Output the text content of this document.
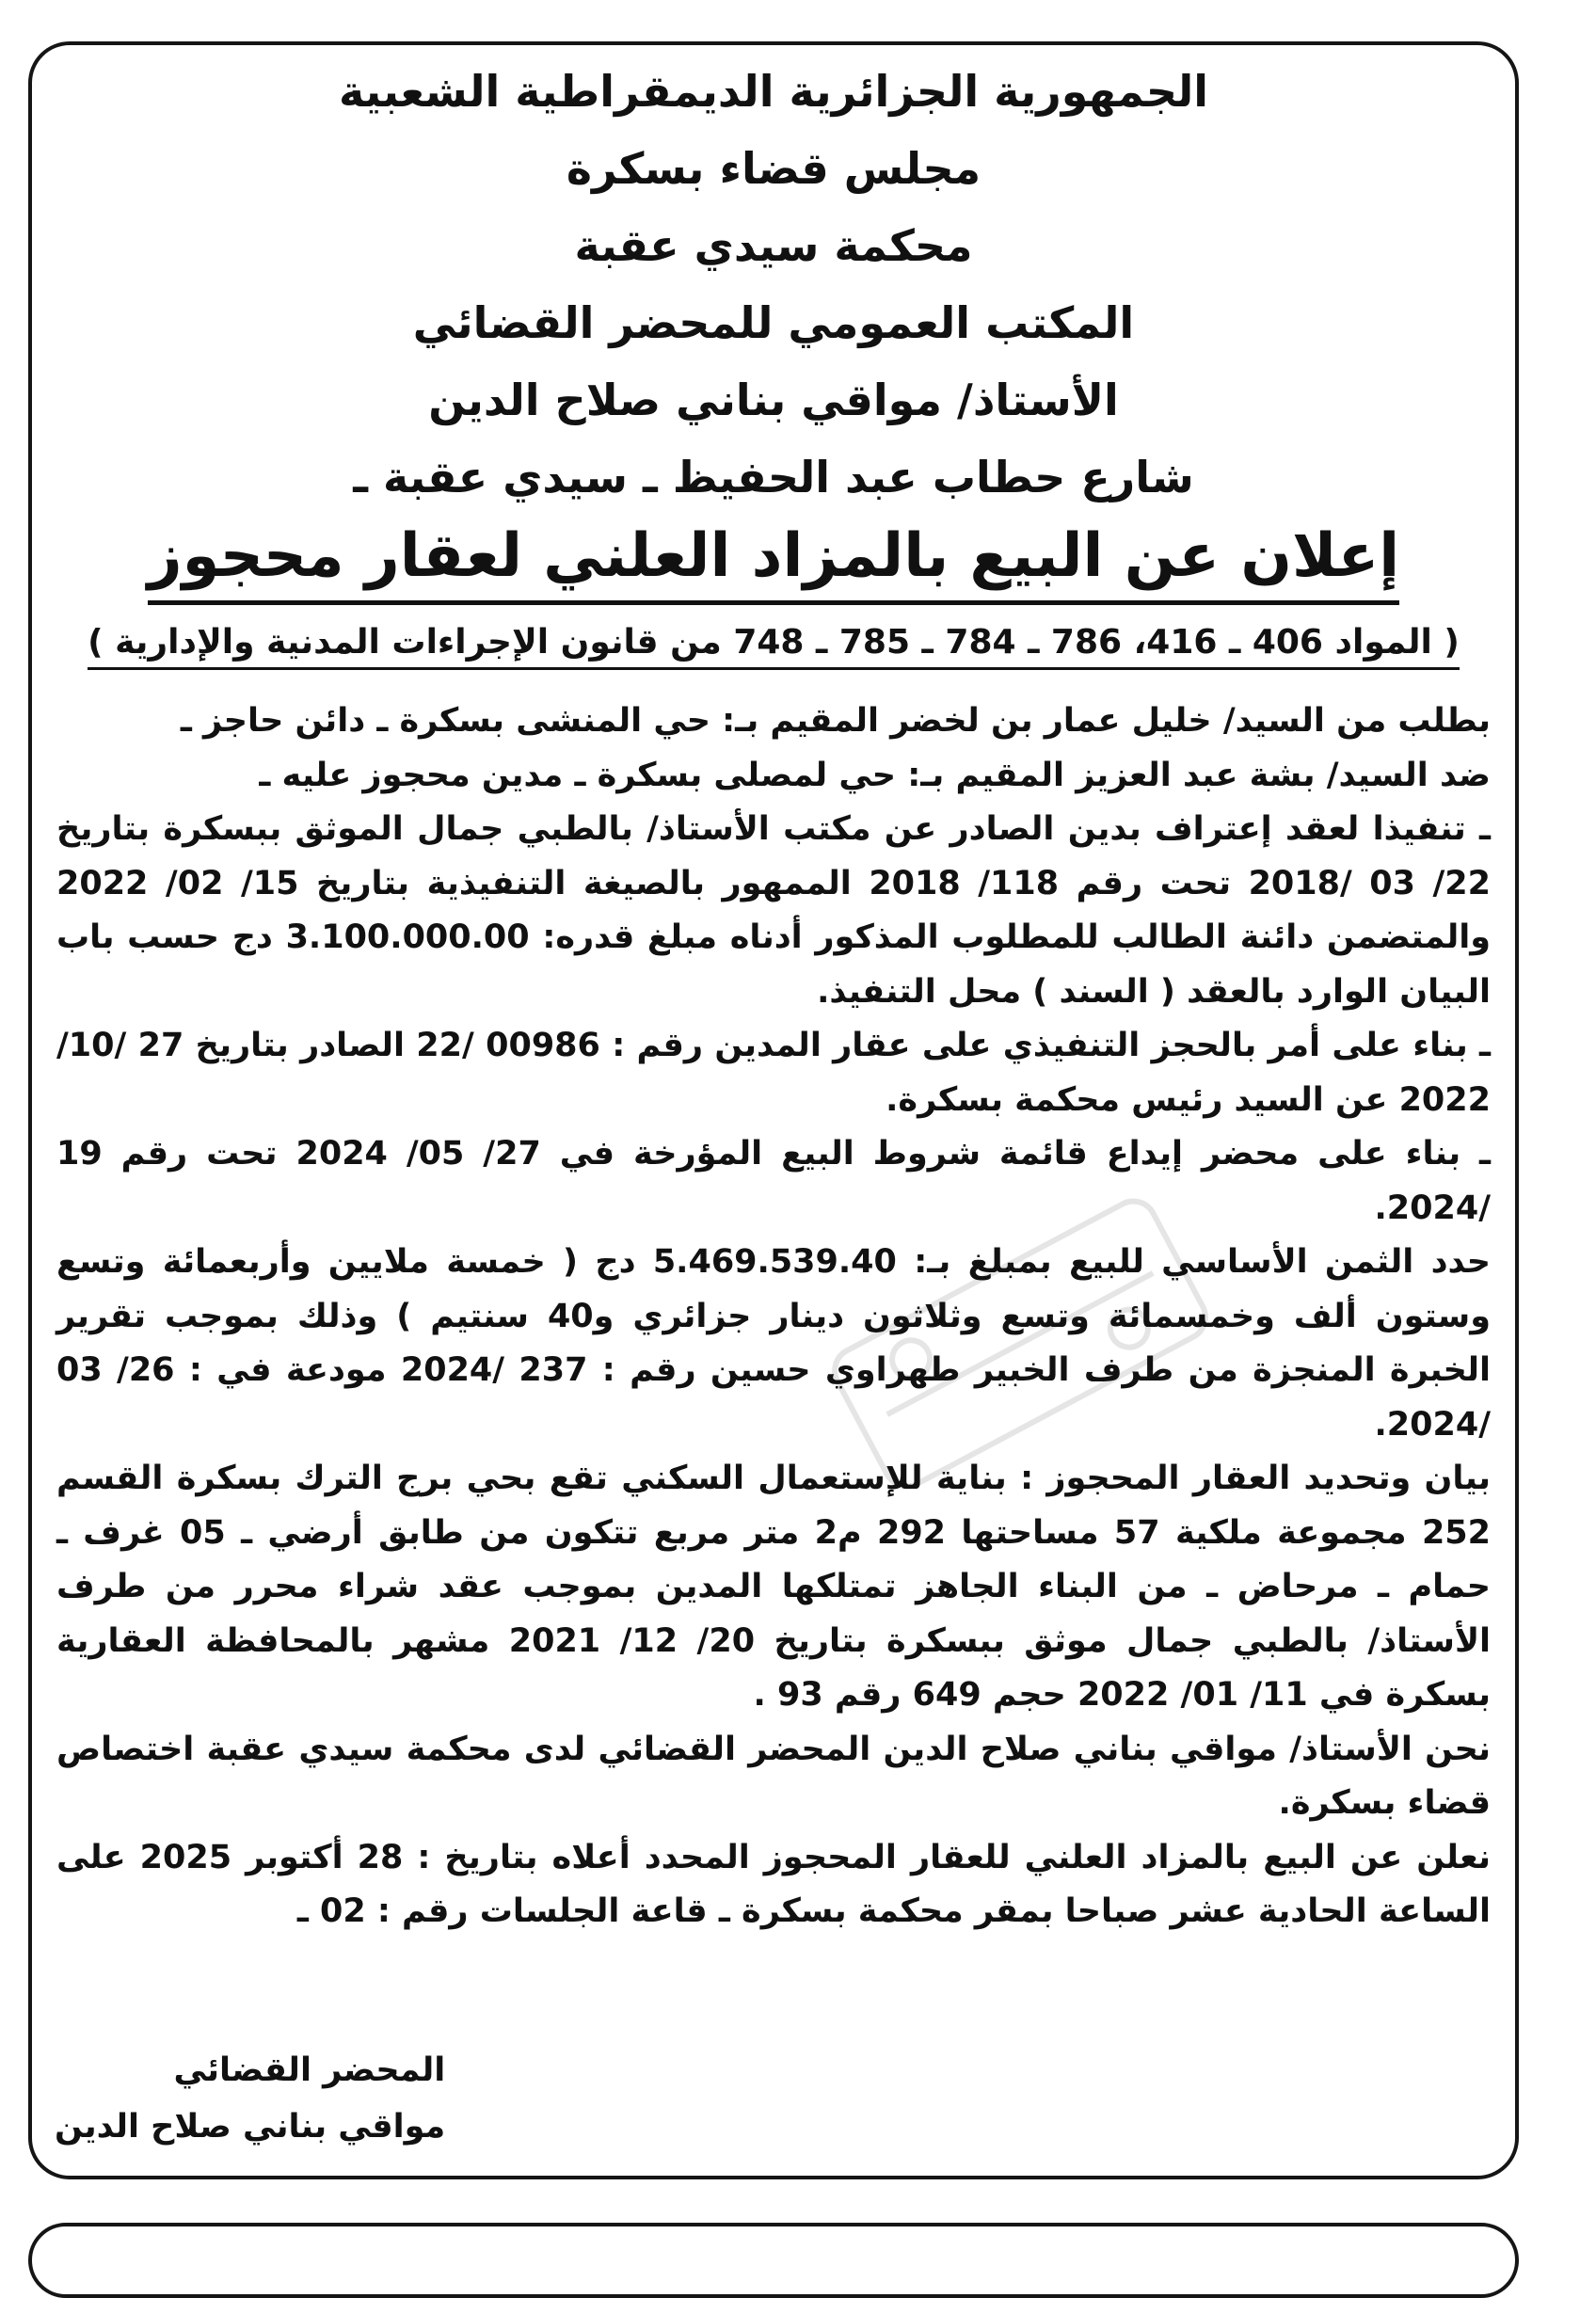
الجمهورية الجزائرية الديمقراطية الشعبية
مجلس قضاء بسكرة
محكمة سيدي عقبة
المكتب العمومي للمحضر القضائي
الأستاذ/ مواقي بناني صلاح الدين
شارع حطاب عبد الحفيظ ـ سيدي عقبة ـ
إعلان عن البيع بالمزاد العلني لعقار محجوز
( المواد 406 ـ 416، 786 ـ 784 ـ 785 ـ 748 من قانون الإجراءات المدنية والإدارية )

بطلب من السيد/ خليل عمار بن لخضر المقيم بـ: حي المنشى بسكرة ـ دائن حاجز ـ

ضد السيد/ بشة عبد العزيز المقيم بـ: حي لمصلى بسكرة ـ مدين محجوز عليه ـ

ـ تنفيذا لعقد إعتراف بدين الصادر عن مكتب الأستاذ/ بالطبي جمال الموثق ببسكرة بتاريخ 22/ 03 /2018 تحت رقم 118/ 2018 الممهور بالصيغة التنفيذية بتاريخ 15/ 02/ 2022 والمتضمن دائنة الطالب للمطلوب المذكور أدناه مبلغ قدره: 3.100.000.00 دج حسب باب البيان الوارد بالعقد ( السند ) محل التنفيذ.

ـ بناء على أمر بالحجز التنفيذي على عقار المدين رقم : 00986 /22 الصادر بتاريخ 27 /10/ 2022 عن السيد رئيس محكمة بسكرة.

ـ بناء على محضر إيداع قائمة شروط البيع المؤرخة في 27/ 05/ 2024 تحت رقم 19 /2024.

حدد الثمن الأساسي للبيع بمبلغ بـ: 5.469.539.40 دج ( خمسة ملايين وأربعمائة وتسع وستون ألف وخمسمائة وتسع وثلاثون دينار جزائري و40 سنتيم ) وذلك بموجب تقرير الخبرة المنجزة من طرف الخبير طهراوي حسين رقم : 237 /2024 مودعة في : 26/ 03 /2024.

بيان وتحديد العقار المحجوز : بناية للإستعمال السكني تقع بحي برج الترك بسكرة القسم 252 مجموعة ملكية 57 مساحتها 292 م2 متر مربع تتكون من طابق أرضي ـ 05 غرف ـ حمام ـ مرحاض ـ من البناء الجاهز تمتلكها المدين بموجب عقد شراء محرر من طرف الأستاذ/ بالطبي جمال موثق ببسكرة بتاريخ 20/ 12/ 2021 مشهر بالمحافظة العقارية بسكرة في 11/ 01/ 2022 حجم 649 رقم 93 .

نحن الأستاذ/ مواقي بناني صلاح الدين المحضر القضائي لدى محكمة سيدي عقبة اختصاص قضاء بسكرة.

نعلن عن البيع بالمزاد العلني للعقار المحجوز المحدد أعلاه بتاريخ : 28 أكتوبر 2025 على الساعة الحادية عشر صباحا بمقر محكمة بسكرة ـ قاعة الجلسات رقم : 02 ـ

المحضر القضائي
مواقي بناني صلاح الدين
